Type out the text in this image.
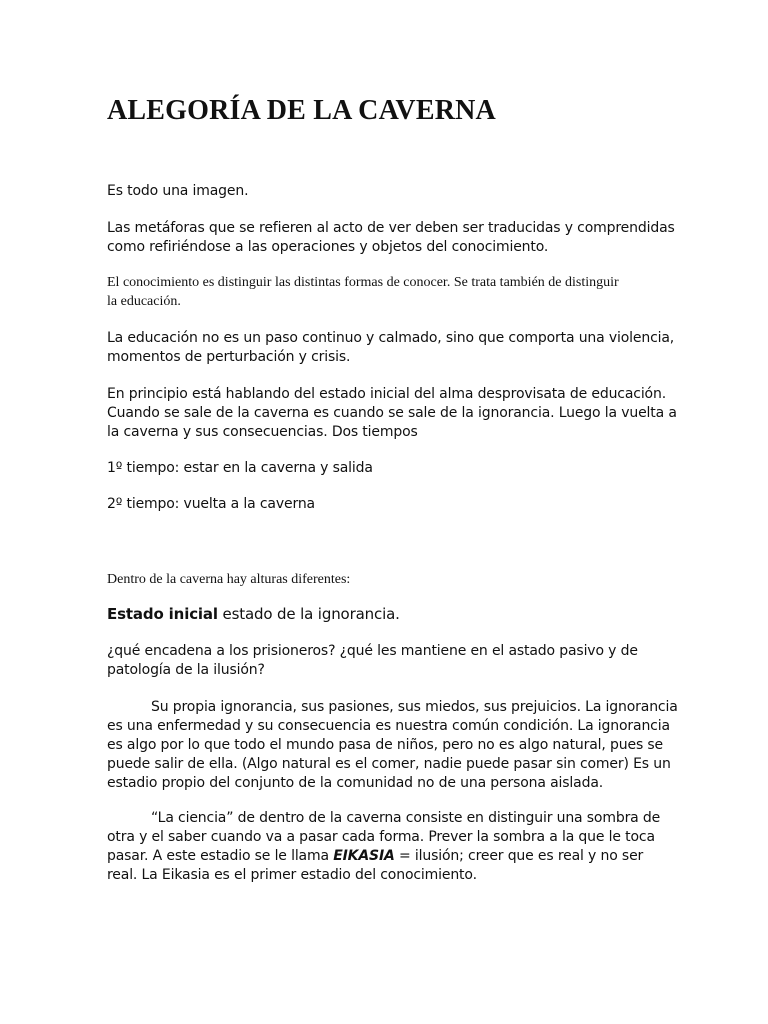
ALEGORÍA DE LA CAVERNA

Es todo una imagen.

Las metáforas que se refieren al acto de ver deben ser traducidas y comprendidas
como refiriéndose a las operaciones y objetos del conocimiento.

El conocimiento es distinguir las distintas formas de conocer. Se trata también de distinguir
la educación.

La educación no es un paso continuo y calmado, sino que comporta una violencia,
momentos de perturbación y crisis.

En principio está hablando del estado inicial del alma desprovisata de educación.
Cuando se sale de la caverna es cuando se sale de la ignorancia. Luego la vuelta a
la caverna y sus consecuencias. Dos tiempos

1º tiempo: estar en la caverna y salida

2º tiempo: vuelta a la caverna

Dentro de la caverna hay alturas diferentes:

Estado inicial estado de la ignorancia.

¿qué encadena a los prisioneros? ¿qué les mantiene en el astado pasivo y de
patología de la ilusión?

Su propia ignorancia, sus pasiones, sus miedos, sus prejuicios. La ignorancia
es una enfermedad y su consecuencia es nuestra común condición. La ignorancia
es algo por lo que todo el mundo pasa de niños, pero no es algo natural, pues se
puede salir de ella. (Algo natural es el comer, nadie puede pasar sin comer) Es un
estadio propio del conjunto de la comunidad no de una persona aislada.

“La ciencia” de dentro de la caverna consiste en distinguir una sombra de
otra y el saber cuando va a pasar cada forma. Prever la sombra a la que le toca
pasar. A este estadio se le llama EIKASIA = ilusión; creer que es real y no ser
real. La Eikasia es el primer estadio del conocimiento.
